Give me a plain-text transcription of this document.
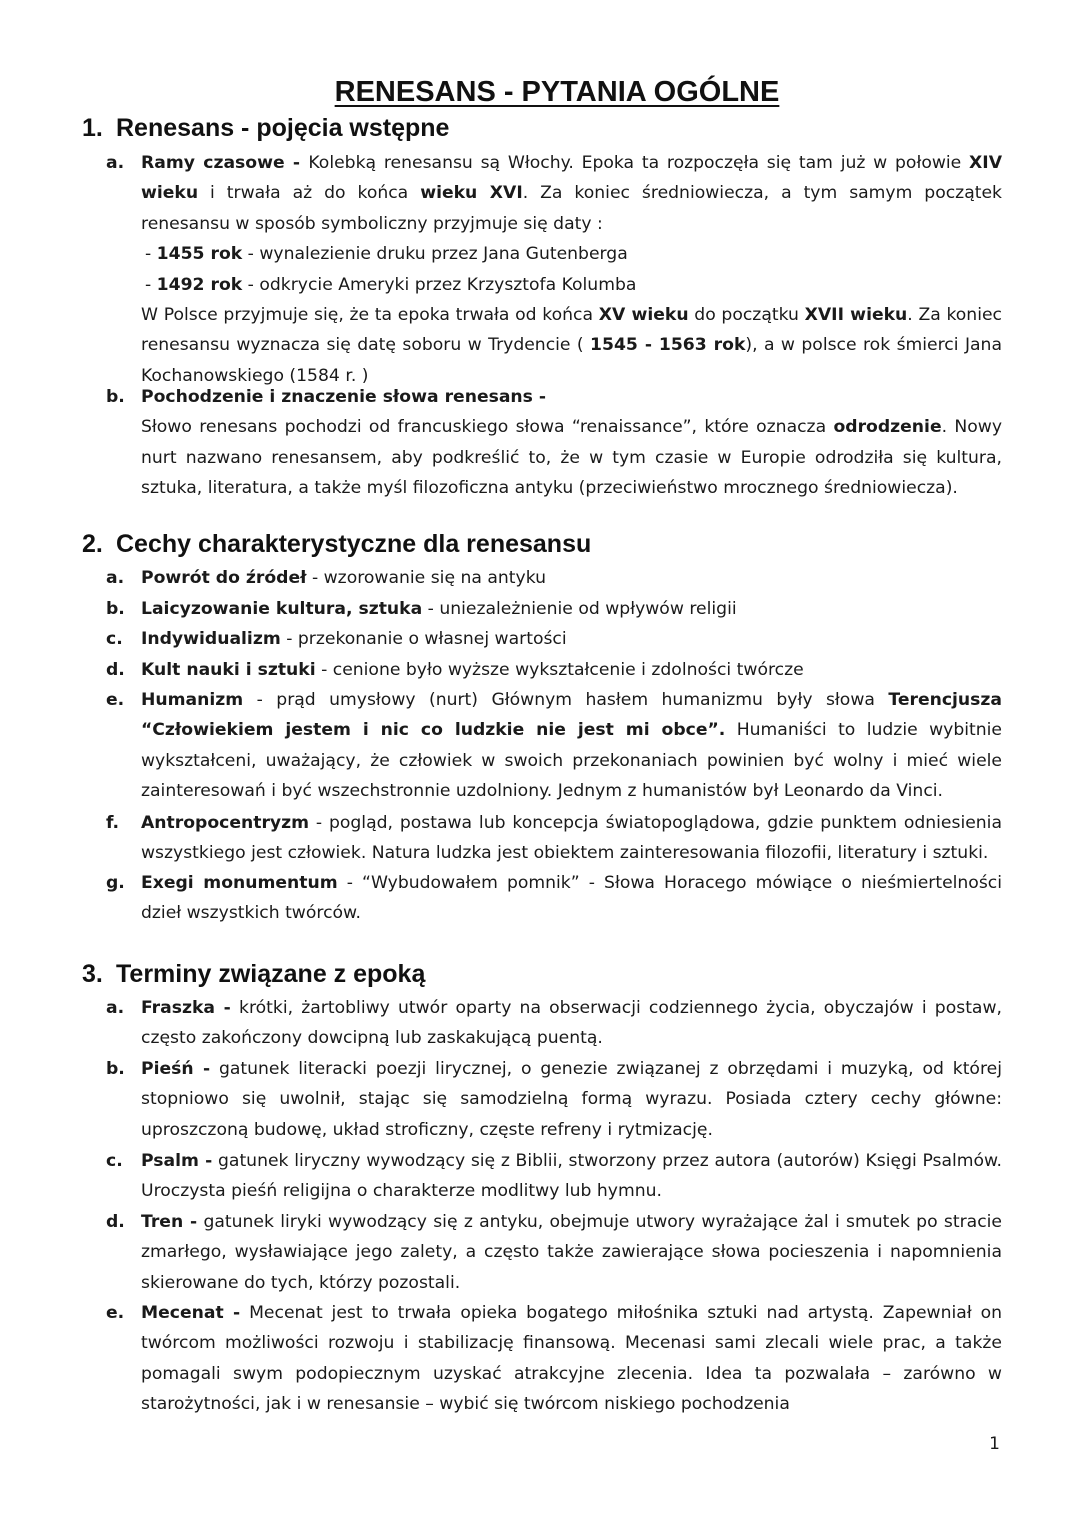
RENESANS - PYTANIA OGÓLNE
1. Renesans - pojęcia wstępne
a. Ramy czasowe - Kolebką renesansu są Włochy. Epoka ta rozpoczęła się tam już w połowie XIV wieku i trwała aż do końca wieku XVI. Za koniec średniowiecza, a tym samym początek renesansu w sposób symboliczny przyjmuje się daty :
- 1455 rok - wynalezienie druku przez Jana Gutenberga
- 1492 rok - odkrycie Ameryki przez Krzysztofa Kolumba
W Polsce przyjmuje się, że ta epoka trwała od końca XV wieku do początku XVII wieku. Za koniec renesansu wyznacza się datę soboru w Trydencie ( 1545 - 1563 rok), a w polsce rok śmierci Jana Kochanowskiego (1584 r. )
b. Pochodzenie i znaczenie słowa renesans -
Słowo renesans pochodzi od francuskiego słowa “renaissance”, które oznacza odrodzenie. Nowy nurt nazwano renesansem, aby podkreślić to, że w tym czasie w Europie odrodziła się kultura, sztuka, literatura, a także myśl filozoficzna antyku (przeciwieństwo mrocznego średniowiecza).
2. Cechy charakterystyczne dla renesansu
a. Powrót do źródeł - wzorowanie się na antyku
b. Laicyzowanie kultura, sztuka - uniezależnienie od wpływów religii
c. Indywidualizm - przekonanie o własnej wartości
d. Kult nauki i sztuki - cenione było wyższe wykształcenie i zdolności twórcze
e. Humanizm - prąd umysłowy (nurt) Głównym hasłem humanizmu były słowa Terencjusza “Człowiekiem jestem i nic co ludzkie nie jest mi obce”. Humaniści to ludzie wybitnie wykształceni, uważający, że człowiek w swoich przekonaniach powinien być wolny i mieć wiele zainteresowań i być wszechstronnie uzdolniony. Jednym z humanistów był Leonardo da Vinci.
f. Antropocentryzm - pogląd, postawa lub koncepcja światopoglądowa, gdzie punktem odniesienia wszystkiego jest człowiek. Natura ludzka jest obiektem zainteresowania filozofii, literatury i sztuki.
g. Exegi monumentum - “Wybudowałem pomnik” - Słowa Horacego mówiące o nieśmiertelności dzieł wszystkich twórców.
3. Terminy związane z epoką
a. Fraszka - krótki, żartobliwy utwór oparty na obserwacji codziennego życia, obyczajów i postaw, często zakończony dowcipną lub zaskakującą puentą.
b. Pieśń - gatunek literacki poezji lirycznej, o genezie związanej z obrzędami i muzyką, od której stopniowo się uwolnił, stając się samodzielną formą wyrazu. Posiada cztery cechy główne: uproszczoną budowę, układ stroficzny, częste refreny i rytmizację.
c. Psalm - gatunek liryczny wywodzący się z Biblii, stworzony przez autora (autorów) Księgi Psalmów. Uroczysta pieśń religijna o charakterze modlitwy lub hymnu.
d. Tren - gatunek liryki wywodzący się z antyku, obejmuje utwory wyrażające żal i smutek po stracie zmarłego, wysławiające jego zalety, a często także zawierające słowa pocieszenia i napomnienia skierowane do tych, którzy pozostali.
e. Mecenat - Mecenat jest to trwała opieka bogatego miłośnika sztuki nad artystą. Zapewniał on twórcom możliwości rozwoju i stabilizację finansową. Mecenasi sami zlecali wiele prac, a także pomagali swym podopiecznym uzyskać atrakcyjne zlecenia. Idea ta pozwalała – zarówno w starożytności, jak i w renesansie – wybić się twórcom niskiego pochodzenia
1
